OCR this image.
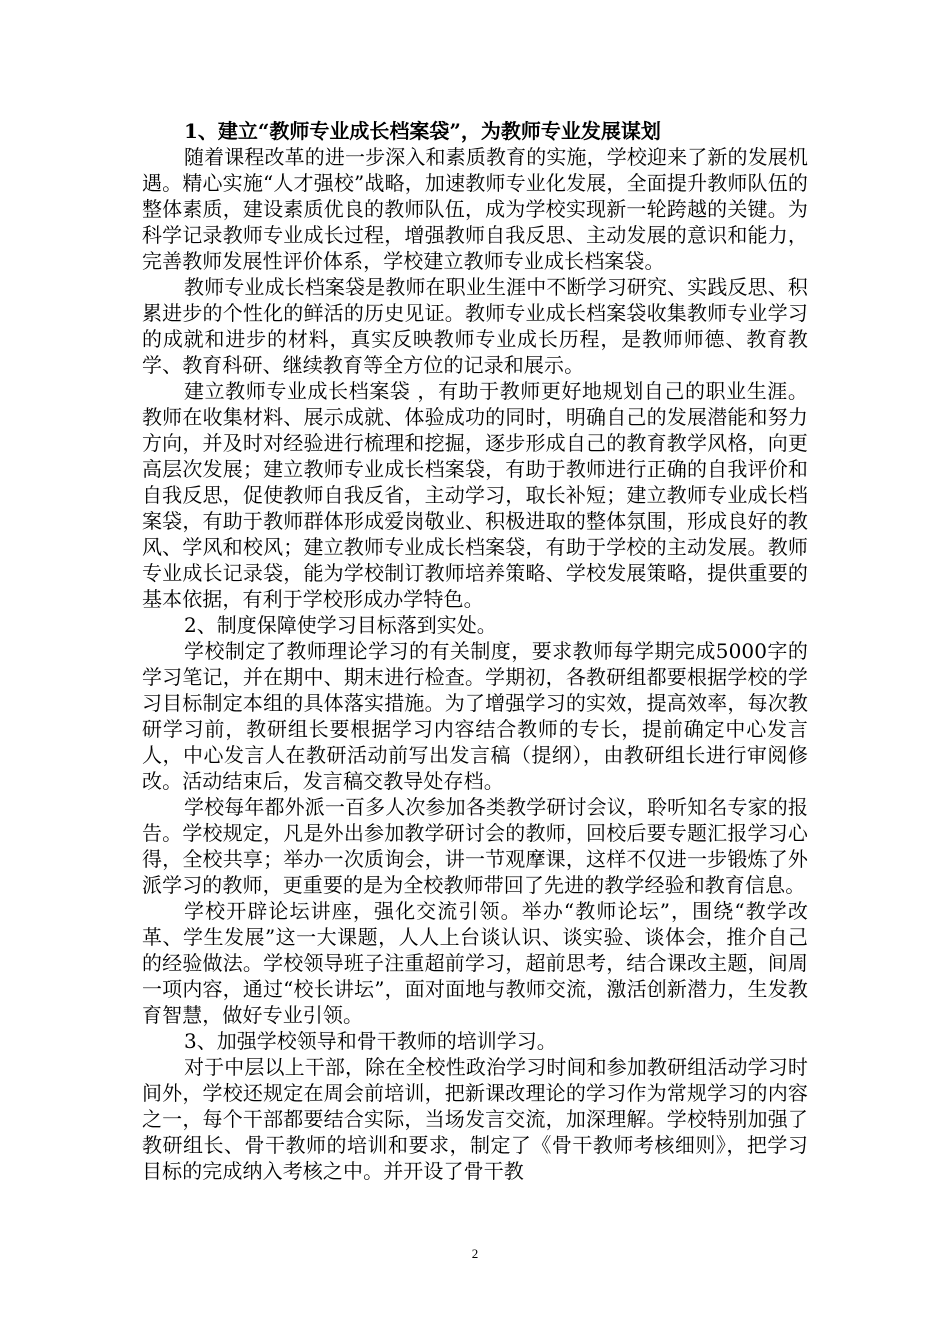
1、建立“教师专业成长档案袋”，为教师专业发展谋划

随着课程改革的进一步深入和素质教育的实施，学校迎来了新的发展机遇。精心实施“人才强校”战略，加速教师专业化发展，全面提升教师队伍的整体素质，建设素质优良的教师队伍，成为学校实现新一轮跨越的关键。为科学记录教师专业成长过程，增强教师自我反思、主动发展的意识和能力，完善教师发展性评价体系，学校建立教师专业成长档案袋。

教师专业成长档案袋是教师在职业生涯中不断学习研究、实践反思、积累进步的个性化的鲜活的历史见证。教师专业成长档案袋收集教师专业学习的成就和进步的材料，真实反映教师专业成长历程，是教师师德、教育教学、教育科研、继续教育等全方位的记录和展示。

建立教师专业成长档案袋 ，有助于教师更好地规划自己的职业生涯。教师在收集材料、展示成就、体验成功的同时，明确自己的发展潜能和努力方向，并及时对经验进行梳理和挖掘，逐步形成自己的教育教学风格，向更高层次发展；建立教师专业成长档案袋，有助于教师进行正确的自我评价和自我反思，促使教师自我反省，主动学习，取长补短；建立教师专业成长档案袋，有助于教师群体形成爱岗敬业、积极进取的整体氛围，形成良好的教风、学风和校风；建立教师专业成长档案袋，有助于学校的主动发展。教师专业成长记录袋，能为学校制订教师培养策略、学校发展策略，提供重要的基本依据，有利于学校形成办学特色。

2、制度保障使学习目标落到实处。

学校制定了教师理论学习的有关制度，要求教师每学期完成5000字的学习笔记，并在期中、期末进行检查。学期初，各教研组都要根据学校的学习目标制定本组的具体落实措施。为了增强学习的实效，提高效率，每次教研学习前，教研组长要根据学习内容结合教师的专长，提前确定中心发言人，中心发言人在教研活动前写出发言稿（提纲），由教研组长进行审阅修改。活动结束后，发言稿交教导处存档。

学校每年都外派一百多人次参加各类教学研讨会议，聆听知名专家的报告。学校规定，凡是外出参加教学研讨会的教师，回校后要专题汇报学习心得，全校共享；举办一次质询会，讲一节观摩课，这样不仅进一步锻炼了外派学习的教师，更重要的是为全校教师带回了先进的教学经验和教育信息。

学校开辟论坛讲座，强化交流引领。举办“教师论坛”，围绕“教学改革、学生发展”这一大课题，人人上台谈认识、谈实验、谈体会，推介自己的经验做法。学校领导班子注重超前学习，超前思考，结合课改主题，间周一项内容，通过“校长讲坛”，面对面地与教师交流，激活创新潜力，生发教育智慧，做好专业引领。

3、加强学校领导和骨干教师的培训学习。

对于中层以上干部，除在全校性政治学习时间和参加教研组活动学习时间外，学校还规定在周会前培训，把新课改理论的学习作为常规学习的内容之一，每个干部都要结合实际，当场发言交流，加深理解。学校特别加强了教研组长、骨干教师的培训和要求，制定了《骨干教师考核细则》，把学习目标的完成纳入考核之中。并开设了骨干教

2
